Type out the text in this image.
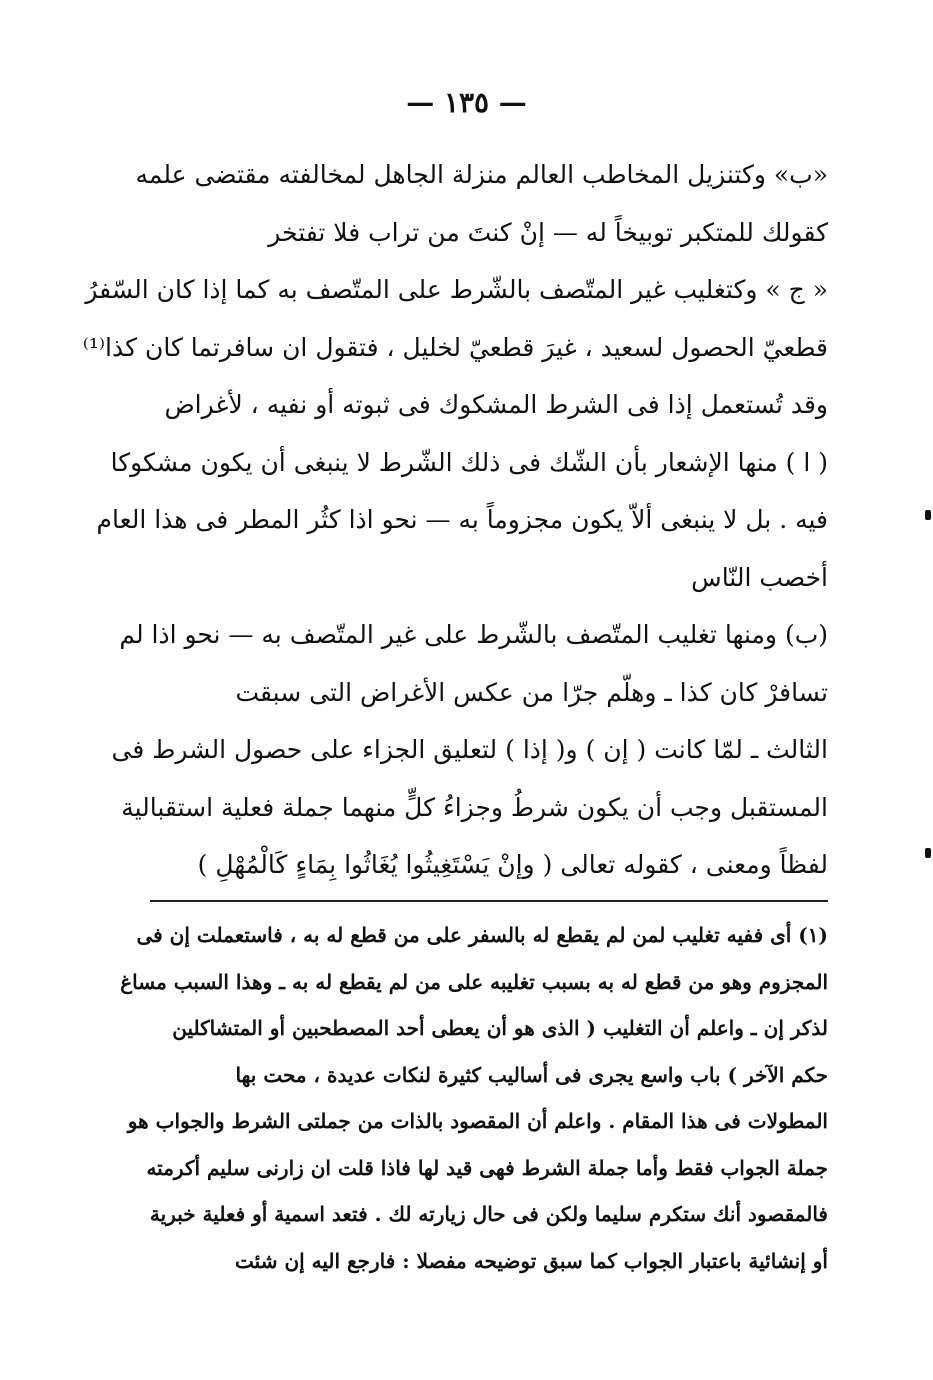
— ١٣٥ —
«ب» وكتنزيل المخاطب العالم منزلة الجاهل لمخالفته مقتضى علمه
كقولك للمتكبر توبيخاً له — إنْ كنتَ من تراب فلا تفتخر
« ج » وكتغليب غير المتّصف بالشّرط على المتّصف به كما إذا كان السّفرُ
قطعيّ الحصول لسعيد ، غيرَ قطعيّ لخليل ، فتقول ان سافرتما كان كذا⁽¹⁾
وقد تُستعمل إذا فى الشرط المشكوك فى ثبوته أو نفيه ، لأغراض
( ا ) منها الإشعار بأن الشّك فى ذلك الشّرط لا ينبغى أن يكون مشكوكا
فيه . بل لا ينبغى ألاّ يكون مجزوماً به — نحو اذا كثُر المطر فى هذا العام
أخصب النّاس
(ب) ومنها تغليب المتّصف بالشّرط على غير المتّصف به — نحو اذا لم
تسافرْ كان كذا ـ وهلّم جرّا من عكس الأغراض التى سبقت
الثالث ـ لمّا كانت ( إن ) و( إذا ) لتعليق الجزاء على حصول الشرط فى
المستقبل وجب أن يكون شرطُ وجزاءُ كلٍّ منهما جملة فعلية استقبالية
لفظاً ومعنى ، كقوله تعالى ( وإنْ يَسْتَغِيثُوا يُغَاثُوا بِمَاءٍ كَالْمُهْلِ )
(١) أى ففيه تغليب لمن لم يقطع له بالسفر على من قطع له به ، فاستعملت إن فى
المجزوم وهو من قطع له به بسبب تغليبه على من لم يقطع له به ـ وهذا السبب مساغ
لذكر إن ـ واعلم أن التغليب ( الذى هو أن يعطى أحد المصطحبين أو المتشاكلين
حكم الآخر ) باب واسع يجرى فى أساليب كثيرة لنكات عديدة ، محت بها
المطولات فى هذا المقام . واعلم أن المقصود بالذات من جملتى الشرط والجواب هو
جملة الجواب فقط وأما جملة الشرط فهى قيد لها فاذا قلت ان زارنى سليم أكرمته
فالمقصود أنك ستكرم سليما ولكن فى حال زيارته لك . فتعد اسمية أو فعلية خبرية
أو إنشائية باعتبار الجواب كما سبق توضيحه مفصلا : فارجع اليه إن شئت
